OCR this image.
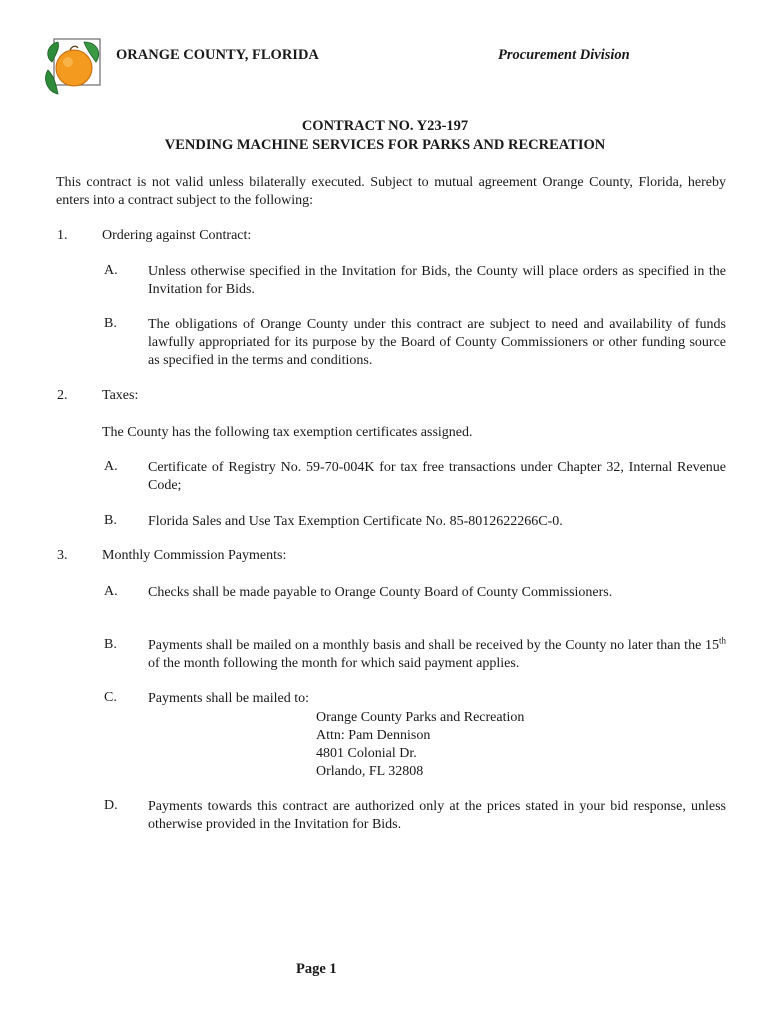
ORANGE COUNTY, FLORIDA	Procurement Division
CONTRACT NO. Y23-197
VENDING MACHINE SERVICES FOR PARKS AND RECREATION
This contract is not valid unless bilaterally executed. Subject to mutual agreement Orange County, Florida, hereby enters into a contract subject to the following:
1. Ordering against Contract:
A. Unless otherwise specified in the Invitation for Bids, the County will place orders as specified in the Invitation for Bids.
B. The obligations of Orange County under this contract are subject to need and availability of funds lawfully appropriated for its purpose by the Board of County Commissioners or other funding source as specified in the terms and conditions.
2. Taxes:
The County has the following tax exemption certificates assigned.
A. Certificate of Registry No. 59-70-004K for tax free transactions under Chapter 32, Internal Revenue Code;
B. Florida Sales and Use Tax Exemption Certificate No. 85-8012622266C-0.
3. Monthly Commission Payments:
A. Checks shall be made payable to Orange County Board of County Commissioners.
B. Payments shall be mailed on a monthly basis and shall be received by the County no later than the 15th of the month following the month for which said payment applies.
C. Payments shall be mailed to:
Orange County Parks and Recreation
Attn: Pam Dennison
4801 Colonial Dr.
Orlando, FL 32808
D. Payments towards this contract are authorized only at the prices stated in your bid response, unless otherwise provided in the Invitation for Bids.
Page 1
